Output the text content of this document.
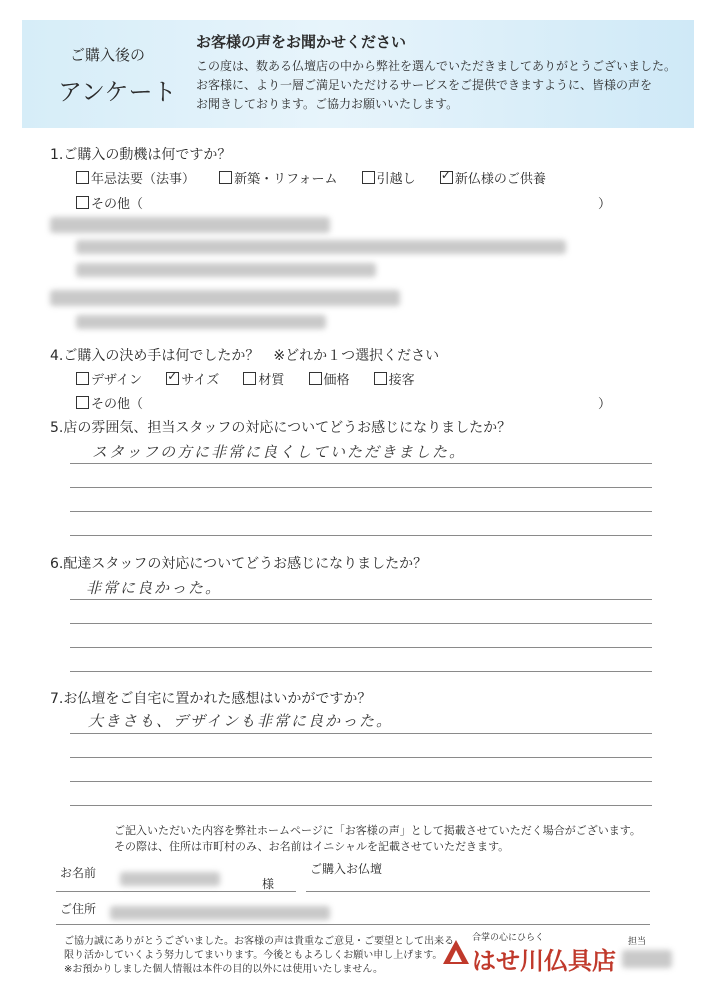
ご購入後の
アンケート
お客様の声をお聞かせください
この度は、数ある仏壇店の中から弊社を選んでいただきましてありがとうございました。
お客様に、より一層ご満足いただけるサービスをご提供できますように、皆様の声を
お聞きしております。ご協力お願いいたします。
1.ご購入の動機は何ですか？
年忌法要（法事）	新築・リフォーム	引越し ✓	新仏様のご供養
その他（	）
4.ご購入の決め手は何でしたか？　※どれか１つ選択ください
デザイン ✓	サイズ	材質	価格	接客
その他（	）
5.店の雰囲気、担当スタッフの対応についてどうお感じになりましたか？
スタッフの方に非常に良くしていただきました。
6.配達スタッフの対応についてどうお感じになりましたか？
非常に良かった。
7.お仏壇をご自宅に置かれた感想はいかがですか？
大きさも、デザインも非常に良かった。
ご記入いただいた内容を弊社ホームページに「お客様の声」として掲載させていただく場合がございます。
その際は、住所は市町村のみ、お名前はイニシャルを記載させていただきます。
お名前
様
ご購入お仏壇
ご住所
ご協力誠にありがとうございました。お客様の声は貴重なご意見・ご要望として出来る
限り活かしていくよう努力してまいります。今後ともよろしくお願い申し上げます。
※お預かりしました個人情報は本件の目的以外には使用いたしません。
合掌の心にひらく
はせ川仏具店
担当
